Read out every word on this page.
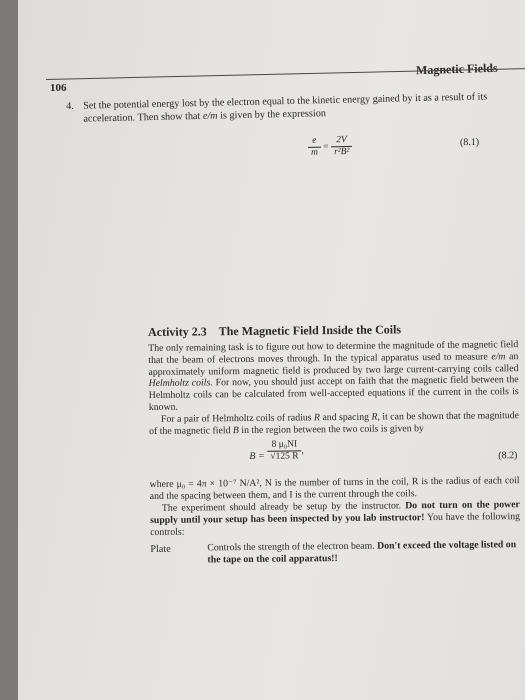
Magnetic Fields
106
4. Set the potential energy lost by the electron equal to the kinetic energy gained by it as a result of its acceleration. Then show that e/m is given by the expression
$\frac{e}{m} = \frac{2V}{\text{r²B²}}$	(8.1)
Activity 2.3 The Magnetic Field Inside the Coils

The only remaining task is to figure out how to determine the magnitude of the magnetic field that the beam of electrons moves through. In the typical apparatus used to measure e/m an approximately uniform magnetic field is produced by two large current-carrying coils called Helmholtz coils. For now, you should just accept on faith that the magnetic field between the Helmholtz coils can be calculated from well-accepted equations if the current in the coils is known.

For a pair of Helmholtz coils of radius R and spacing R, it can be shown that the magnitude of the magnetic field B in the region between the two coils is given by

$B = \frac{\text{8 μ₀NI}}{√125 R}$ ,	(8.2)

where μ₀ = 4π × 10⁻⁷ N/A², N is the number of turns in the coil, R is the radius of each coil and the spacing between them, and I is the current through the coils.

The experiment should already be setup by the instructor. Do not turn on the power supply until your setup has been inspected by you lab instructor! You have the following controls:

Plate	Controls the strength of the electron beam. Don't exceed the voltage listed on the tape on the coil apparatus!!
